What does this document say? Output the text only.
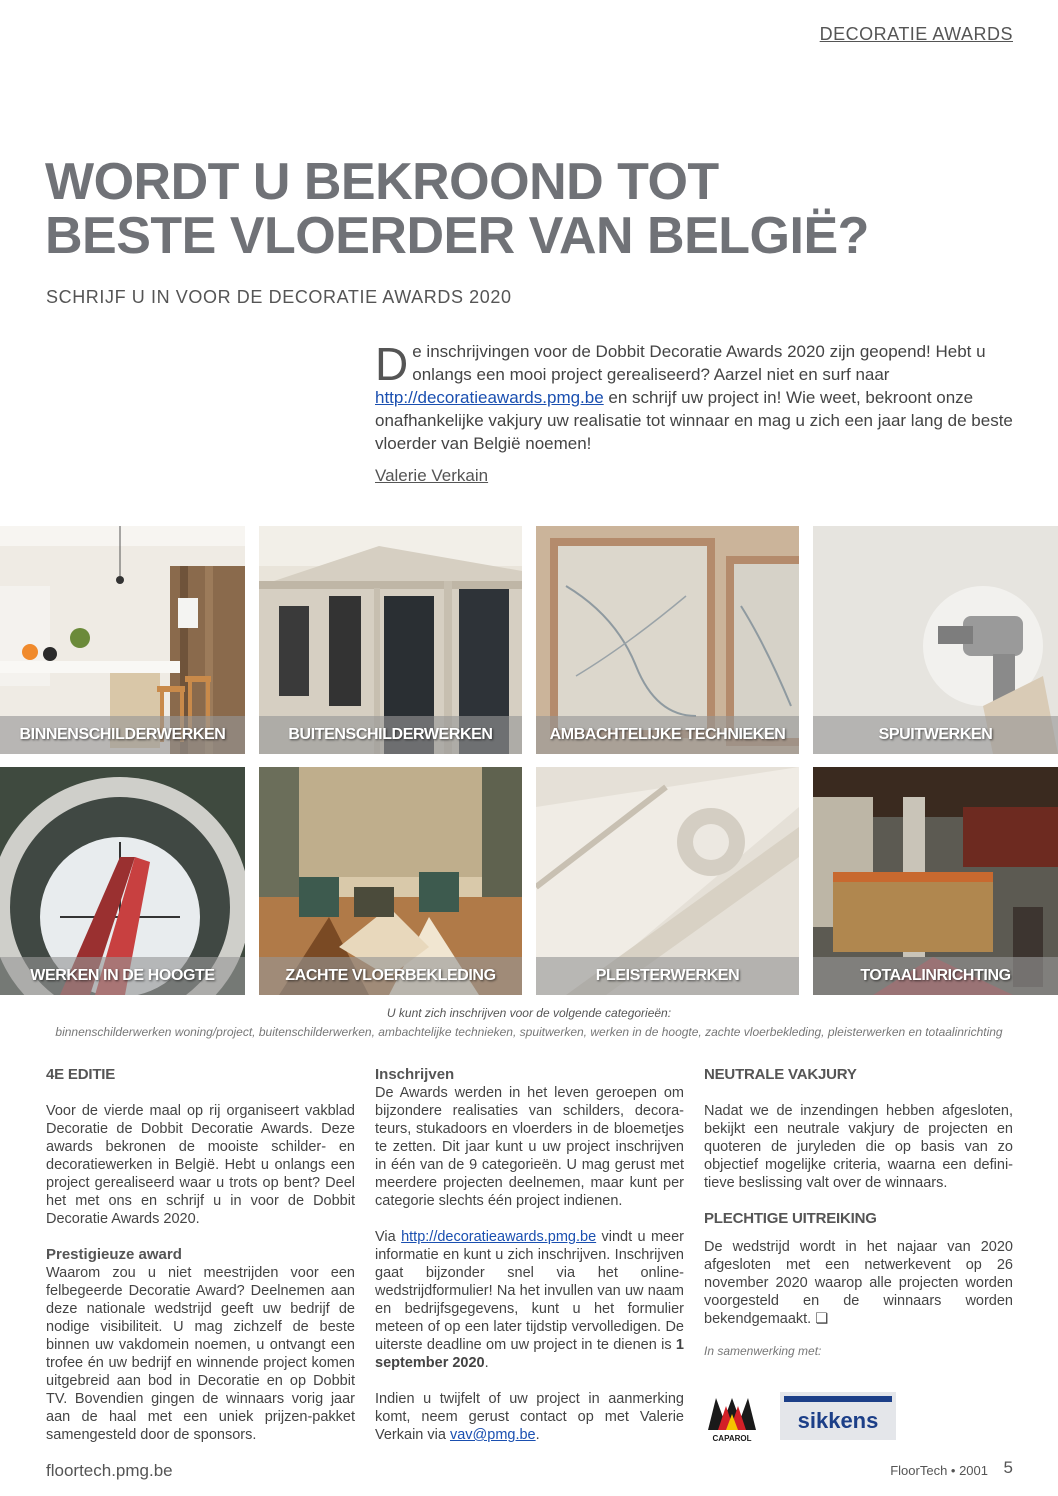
DECORATIE AWARDS
WORDT U BEKROOND TOT
BESTE VLOERDER VAN BELGIË?
SCHRIJF U IN VOOR DE DECORATIE AWARDS 2020
De inschrijvingen voor de Dobbit Decoratie Awards 2020 zijn geopend! Hebt u onlangs een mooi project gerealiseerd? Aarzel niet en surf naar http://decoratieawards.pmg.be en schrijf uw project in! Wie weet, bekroont onze onafhankelijke vakjury uw realisatie tot winnaar en mag u zich een jaar lang de beste vloerder van België noemen!
Valerie Verkain
BINNENSCHILDERWERKEN	BUITENSCHILDERWERKEN	AMBACHTELIJKE TECHNIEKEN	SPUITWERKEN
WERKEN IN DE HOOGTE	ZACHTE VLOERBEKLEDING	PLEISTERWERKEN	TOTAALINRICHTING
U kunt zich inschrijven voor de volgende categorieën:
binnenschilderwerken woning/project, buitenschilderwerken, ambachtelijke technieken, spuitwerken, werken in de hoogte, zachte vloerbekleding, pleisterwerken en totaalinrichting
4E EDITIE

Voor de vierde maal op rij organiseert vakblad Decoratie de Dobbit Decoratie Awards. Deze awards bekronen de mooiste schilder- en decoratiewerken in België. Hebt u onlangs een project gerealiseerd waar u trots op bent? Deel het met ons en schrijf u in voor de Dobbit Decoratie Awards 2020.

Prestigieuze award

Waarom zou u niet meestrijden voor een felbegeerde Decoratie Award? Deelnemen aan deze nationale wedstrijd geeft uw bedrijf de nodige visibiliteit. U mag zichzelf de beste binnen uw vakdomein noemen, u ontvangt een trofee én uw bedrijf en winnende project komen uitgebreid aan bod in Decoratie en op Dobbit TV. Bovendien gingen de winnaars vorig jaar aan de haal met een uniek prijzen-pakket samengesteld door de sponsors.

Inschrijven

De Awards werden in het leven geroepen om bijzondere realisaties van schilders, decora-teurs, stukadoors en vloerders in de bloemetjes te zetten. Dit jaar kunt u uw project inschrijven in één van de 9 categorieën. U mag gerust met meerdere projecten deelnemen, maar kunt per categorie slechts één project indienen.

Via http://decoratieawards.pmg.be vindt u meer informatie en kunt u zich inschrijven. Inschrijven gaat bijzonder snel via het online-wedstrijdformulier! Na het invullen van uw naam en bedrijfsgegevens, kunt u het formulier meteen of op een later tijdstip vervolledigen. De uiterste deadline om uw project in te dienen is 1 september 2020.

Indien u twijfelt of uw project in aanmerking komt, neem gerust contact op met Valerie Verkain via vav@pmg.be.

NEUTRALE VAKJURY

Nadat we de inzendingen hebben afgesloten, bekijkt een neutrale vakjury de projecten en quoteren de juryleden die op basis van zo objectief mogelijke criteria, waarna een defini-tieve beslissing valt over de winnaars.

PLECHTIGE UITREIKING

De wedstrijd wordt in het najaar van 2020 afgesloten met een netwerkevent op 26 november 2020 waarop alle projecten worden voorgesteld en de winnaars worden bekendgemaakt. ❏

In samenwerking met:
CAPAROL
sikkens
floortech.pmg.be	FloorTech • 2001 5
